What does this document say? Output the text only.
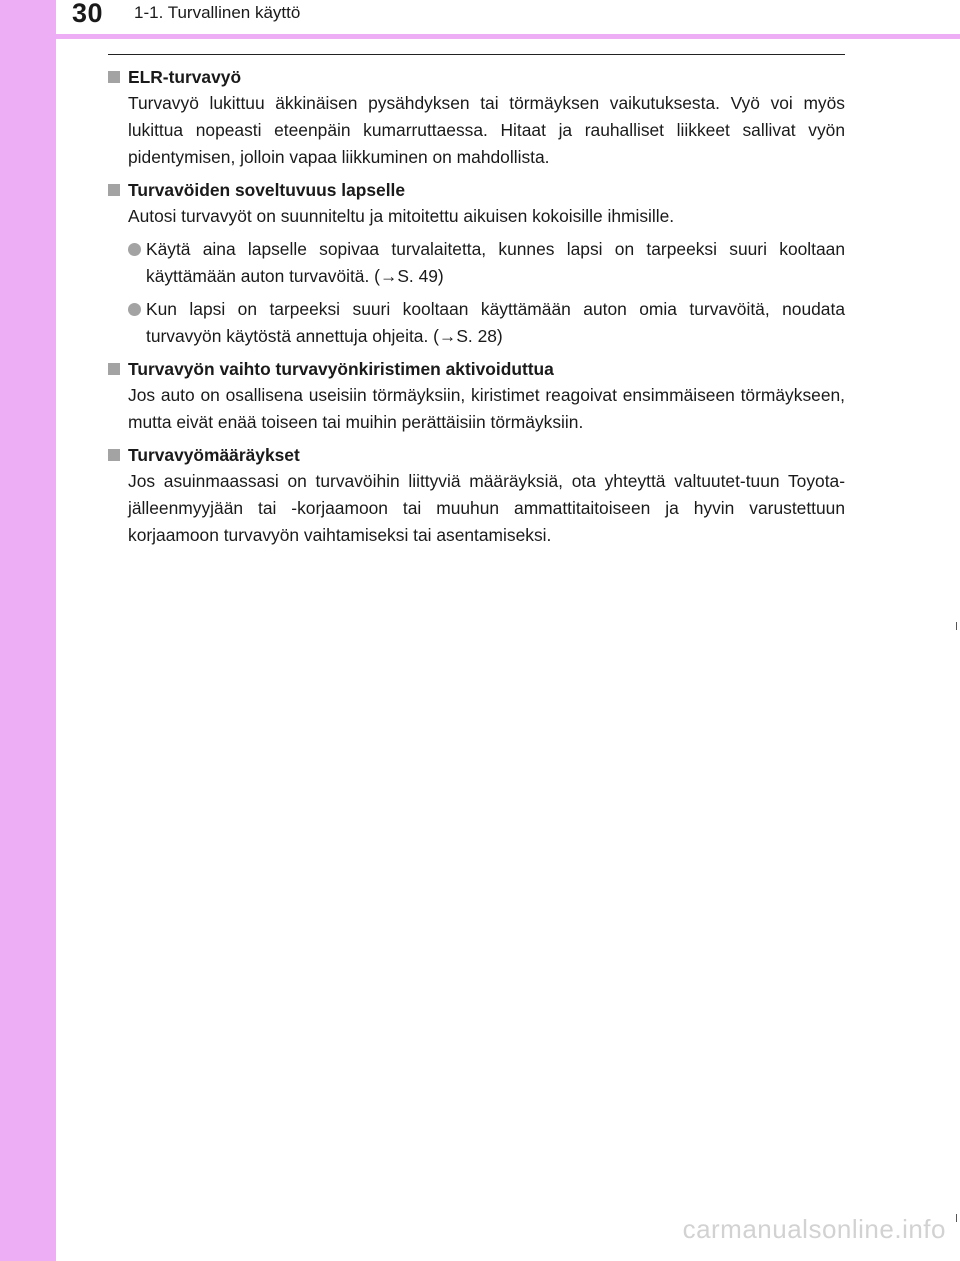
30 1-1. Turvallinen käyttö
ELR-turvavyö
Turvavyö lukittuu äkkinäisen pysähdyksen tai törmäyksen vaikutuksesta. Vyö voi myös lukittua nopeasti eteenpäin kumarruttaessa. Hitaat ja rauhalliset liikkeet sallivat vyön pidentymisen, jolloin vapaa liikkuminen on mahdollista.
Turvavöiden soveltuvuus lapselle
Autosi turvavyöt on suunniteltu ja mitoitettu aikuisen kokoisille ihmisille.
Käytä aina lapselle sopivaa turvalaitetta, kunnes lapsi on tarpeeksi suuri kooltaan käyttämään auton turvavöitä. (→S. 49)
Kun lapsi on tarpeeksi suuri kooltaan käyttämään auton omia turvavöitä, noudata turvavyön käytöstä annettuja ohjeita. (→S. 28)
Turvavyön vaihto turvavyönkiristimen aktivoiduttua
Jos auto on osallisena useisiin törmäyksiin, kiristimet reagoivat ensimmäiseen törmäykseen, mutta eivät enää toiseen tai muihin perättäisiin törmäyksiin.
Turvavyömääräykset
Jos asuinmaassasi on turvavöihin liittyviä määräyksiä, ota yhteyttä valtuutet-tuun Toyota-jälleenmyyjään tai -korjaamoon tai muuhun ammattitaitoiseen ja hyvin varustettuun korjaamoon turvavyön vaihtamiseksi tai asentamiseksi.
carmanualsonline.info
